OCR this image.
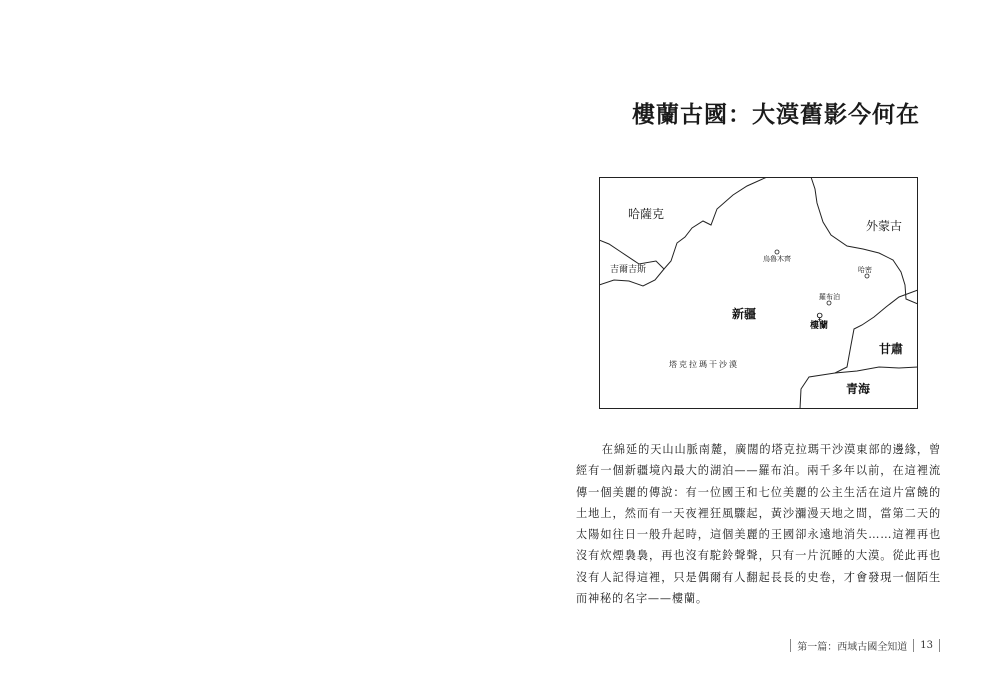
樓蘭古國：大漠舊影今何在
哈薩克
吉爾吉斯
外蒙古
烏魯木齊
哈密
羅布泊
新疆	♀
樓蘭
甘肅
青海
塔克拉瑪干沙漠

在綿延的天山山脈南麓，廣闊的塔克拉瑪干沙漠東部的邊緣，曾經有一個新疆境內最大的湖泊——羅布泊。兩千多年以前，在這裡流傳一個美麗的傳說：有一位國王和七位美麗的公主生活在這片富饒的土地上，然而有一天夜裡狂風驟起，黃沙瀰漫天地之間，當第二天的太陽如往日一般升起時，這個美麗的王國卻永遠地消失……這裡再也沒有炊煙裊裊，再也沒有駝鈴聲聲，只有一片沉睡的大漠。從此再也沒有人記得這裡，只是偶爾有人翻起長長的史卷，才會發現一個陌生而神秘的名字——樓蘭。

第一篇：西域古國全知道 13
